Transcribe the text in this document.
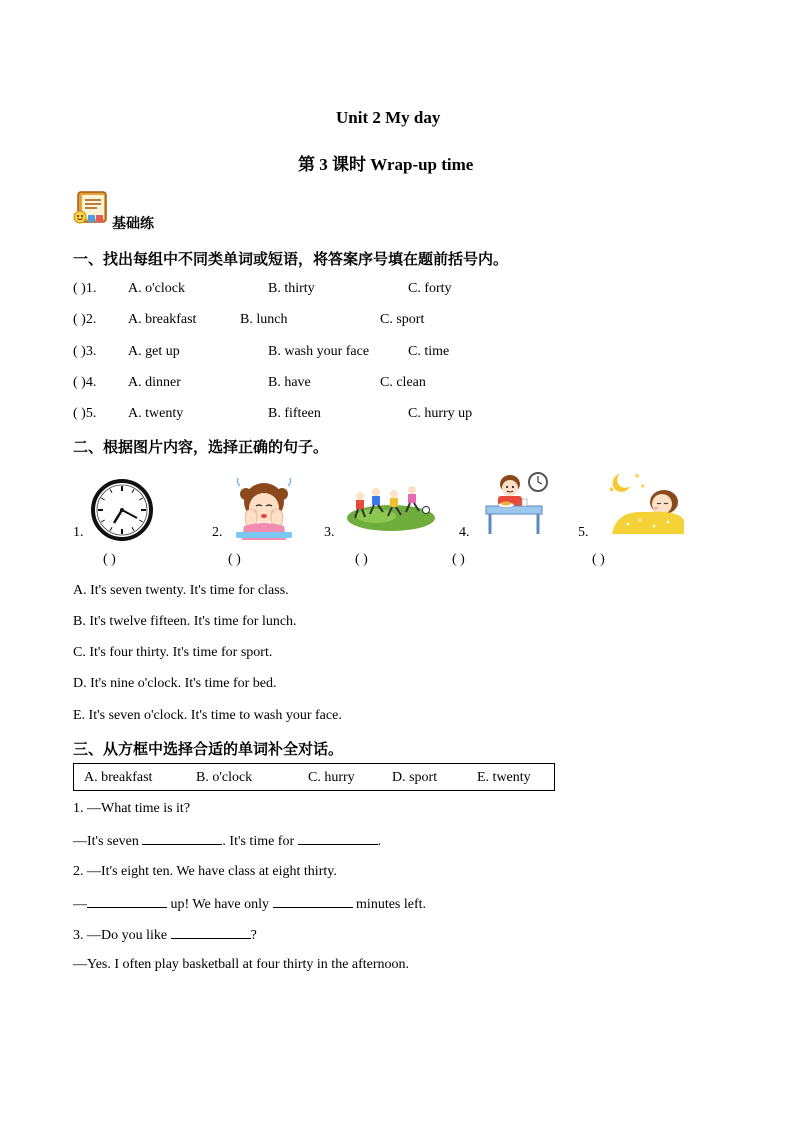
Unit 2 My day
第 3 课时 Wrap-up time
基础练
一、找出每组中不同类单词或短语，将答案序号填在题前括号内。
( )1. A. o'clock	B. thirty	C. forty
( )2. A. breakfast	B. lunch	C. sport
( )3. A. get up	B. wash your face	C. time
( )4. A. dinner	B. have	C. clean
( )5. A. twenty	B. fifteen	C. hurry up
二、根据图片内容，选择正确的句子。
1.
( )
2.
( )
3.
( )
4.
( )
5.
★
★
★
( )
A. It's seven twenty. It's time for class.
B. It's twelve fifteen. It's time for lunch.
C. It's four thirty. It's time for sport.
D. It's nine o'clock. It's time for bed.
E. It's seven o'clock. It's time to wash your face.
三、从方框中选择合适的单词补全对话。
A. breakfast	B. o'clock	C. hurry	D. sport	E. twenty
1. —What time is it?
—It's seven	. It's time for	.
2. —It's eight ten. We have class at eight thirty.
—	up! We have only	minutes left.
3. —Do you like	?
—Yes. I often play basketball at four thirty in the afternoon.
